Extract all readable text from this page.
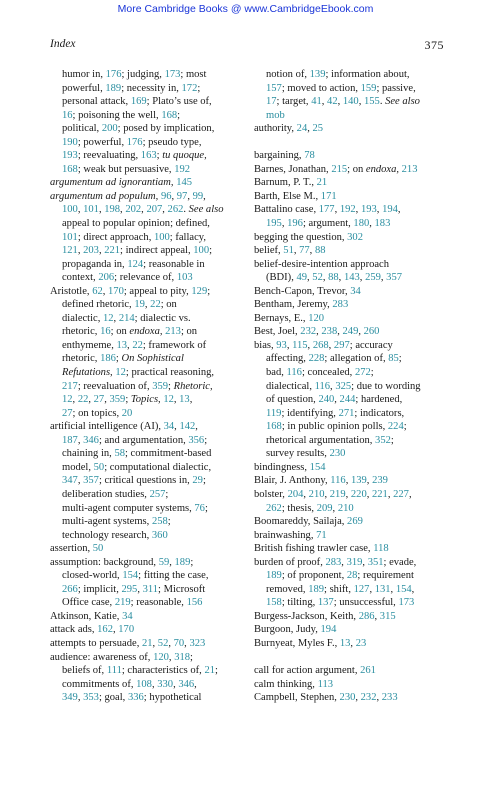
More Cambridge Books @ www.CambridgeEbook.com
Index	375
humor in, 176; judging, 173; most
powerful, 189; necessity in, 172;
personal attack, 169; Plato’s use of,
16; poisoning the well, 168;
political, 200; posed by implication,
190; powerful, 176; pseudo type,
193; reevaluating, 163; tu quoque,
168; weak but persuasive, 192
argumentum ad ignorantiam, 145
argumentum ad populum, 96, 97, 99,
100, 101, 198, 202, 207, 262. See also
appeal to popular opinion; defined,
101; direct approach, 100; fallacy,
121, 203, 221; indirect appeal, 100;
propaganda in, 124; reasonable in
context, 206; relevance of, 103
Aristotle, 62, 170; appeal to pity, 129;
defined rhetoric, 19, 22; on
dialectic, 12, 214; dialectic vs.
rhetoric, 16; on endoxa, 213; on
enthymeme, 13, 22; framework of
rhetoric, 186; On Sophistical
Refutations, 12; practical reasoning,
217; reevaluation of, 359; Rhetoric,
12, 22, 27, 359; Topics, 12, 13,
27; on topics, 20
artificial intelligence (AI), 34, 142,
187, 346; and argumentation, 356;
chaining in, 58; commitment-based
model, 50; computational dialectic,
347, 357; critical questions in, 29;
deliberation studies, 257;
multi-agent computer systems, 76;
multi-agent systems, 258;
technology research, 360
assertion, 50
assumption: background, 59, 189;
closed-world, 154; fitting the case,
266; implicit, 295, 311; Microsoft
Office case, 219; reasonable, 156
Atkinson, Katie, 34
attack ads, 162, 170
attempts to persuade, 21, 52, 70, 323
audience: awareness of, 120, 318;
beliefs of, 111; characteristics of, 21;
commitments of, 108, 330, 346,
349, 353; goal, 336; hypothetical
notion of, 139; information about,
157; moved to action, 159; passive,
17; target, 41, 42, 140, 155. See also
mob
authority, 24, 25
bargaining, 78
Barnes, Jonathan, 215; on endoxa, 213
Barnum, P. T., 21
Barth, Else M., 171
Battalino case, 177, 192, 193, 194,
195, 196; argument, 180, 183
begging the question, 302
belief, 51, 77, 88
belief-desire-intention approach
(BDI), 49, 52, 88, 143, 259, 357
Bench-Capon, Trevor, 34
Bentham, Jeremy, 283
Bernays, E., 120
Best, Joel, 232, 238, 249, 260
bias, 93, 115, 268, 297; accuracy
affecting, 228; allegation of, 85;
bad, 116; concealed, 272;
dialectical, 116, 325; due to wording
of question, 240, 244; hardened,
119; identifying, 271; indicators,
168; in public opinion polls, 224;
rhetorical argumentation, 352;
survey results, 230
bindingness, 154
Blair, J. Anthony, 116, 139, 239
bolster, 204, 210, 219, 220, 221, 227,
262; thesis, 209, 210
Boomareddy, Sailaja, 269
brainwashing, 71
British fishing trawler case, 118
burden of proof, 283, 319, 351; evade,
189; of proponent, 28; requirement
removed, 189; shift, 127, 131, 154,
158; tilting, 137; unsuccessful, 173
Burgess-Jackson, Keith, 286, 315
Burgoon, Judy, 194
Burnyeat, Myles F., 13, 23
call for action argument, 261
calm thinking, 113
Campbell, Stephen, 230, 232, 233
